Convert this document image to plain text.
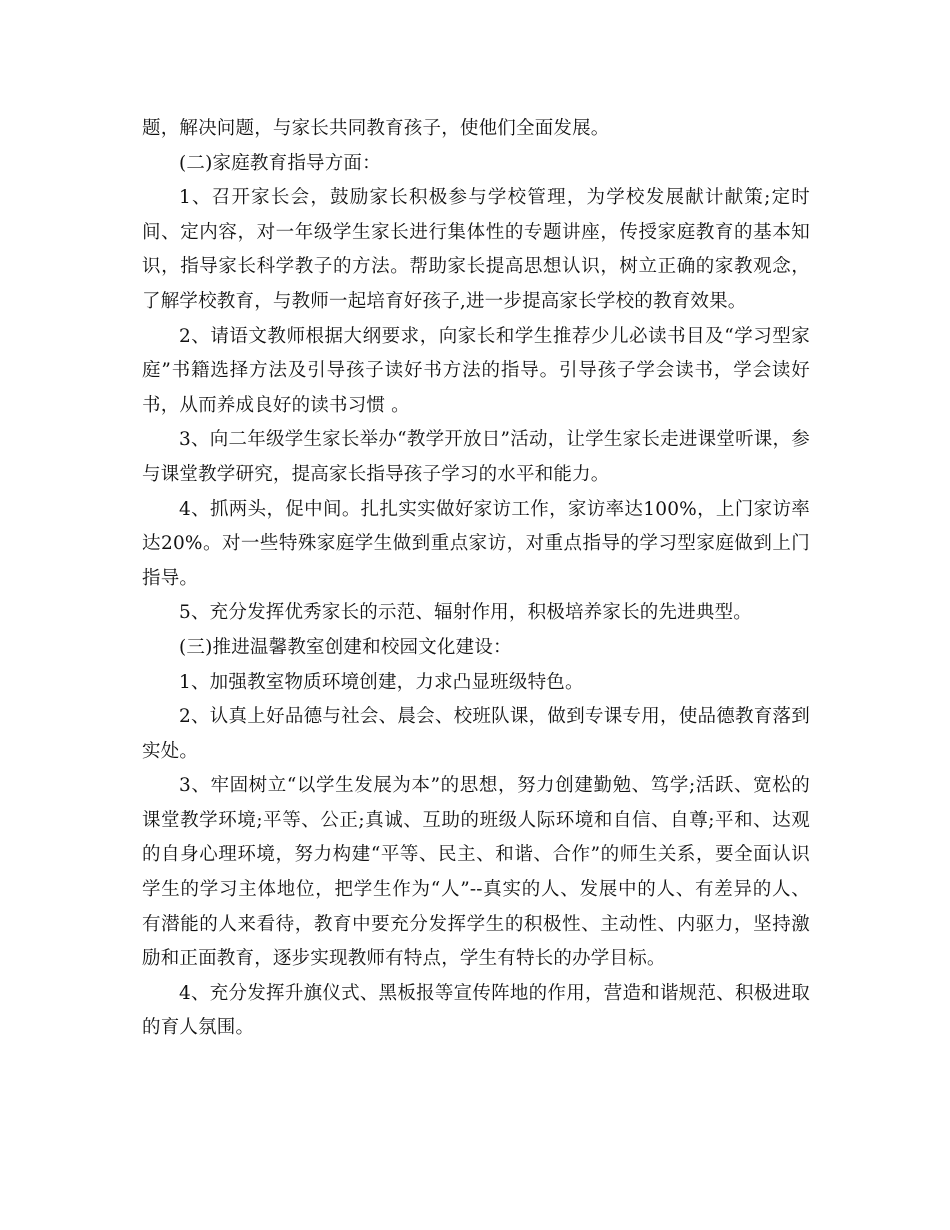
题，解决问题，与家长共同教育孩子，使他们全面发展。

(二)家庭教育指导方面：

1、召开家长会，鼓励家长积极参与学校管理，为学校发展献计献策;定时间、定内容，对一年级学生家长进行集体性的专题讲座，传授家庭教育的基本知识，指导家长科学教子的方法。帮助家长提高思想认识，树立正确的家教观念，了解学校教育，与教师一起培育好孩子,进一步提高家长学校的教育效果。

2、请语文教师根据大纲要求，向家长和学生推荐少儿必读书目及“学习型家庭”书籍选择方法及引导孩子读好书方法的指导。引导孩子学会读书，学会读好书，从而养成良好的读书习惯 。

3、向二年级学生家长举办“教学开放日”活动，让学生家长走进课堂听课，参与课堂教学研究，提高家长指导孩子学习的水平和能力。

4、抓两头，促中间。扎扎实实做好家访工作，家访率达100%，上门家访率达20%。对一些特殊家庭学生做到重点家访，对重点指导的学习型家庭做到上门指导。

5、充分发挥优秀家长的示范、辐射作用，积极培养家长的先进典型。

(三)推进温馨教室创建和校园文化建设：

1、加强教室物质环境创建，力求凸显班级特色。

2、认真上好品德与社会、晨会、校班队课，做到专课专用，使品德教育落到实处。

3、牢固树立“以学生发展为本”的思想，努力创建勤勉、笃学;活跃、宽松的课堂教学环境;平等、公正;真诚、互助的班级人际环境和自信、自尊;平和、达观的自身心理环境，努力构建“平等、民主、和谐、合作”的师生关系，要全面认识学生的学习主体地位，把学生作为“人”--真实的人、发展中的人、有差异的人、有潜能的人来看待，教育中要充分发挥学生的积极性、主动性、内驱力，坚持激励和正面教育，逐步实现教师有特点，学生有特长的办学目标。

4、充分发挥升旗仪式、黑板报等宣传阵地的作用，营造和谐规范、积极进取的育人氛围。
